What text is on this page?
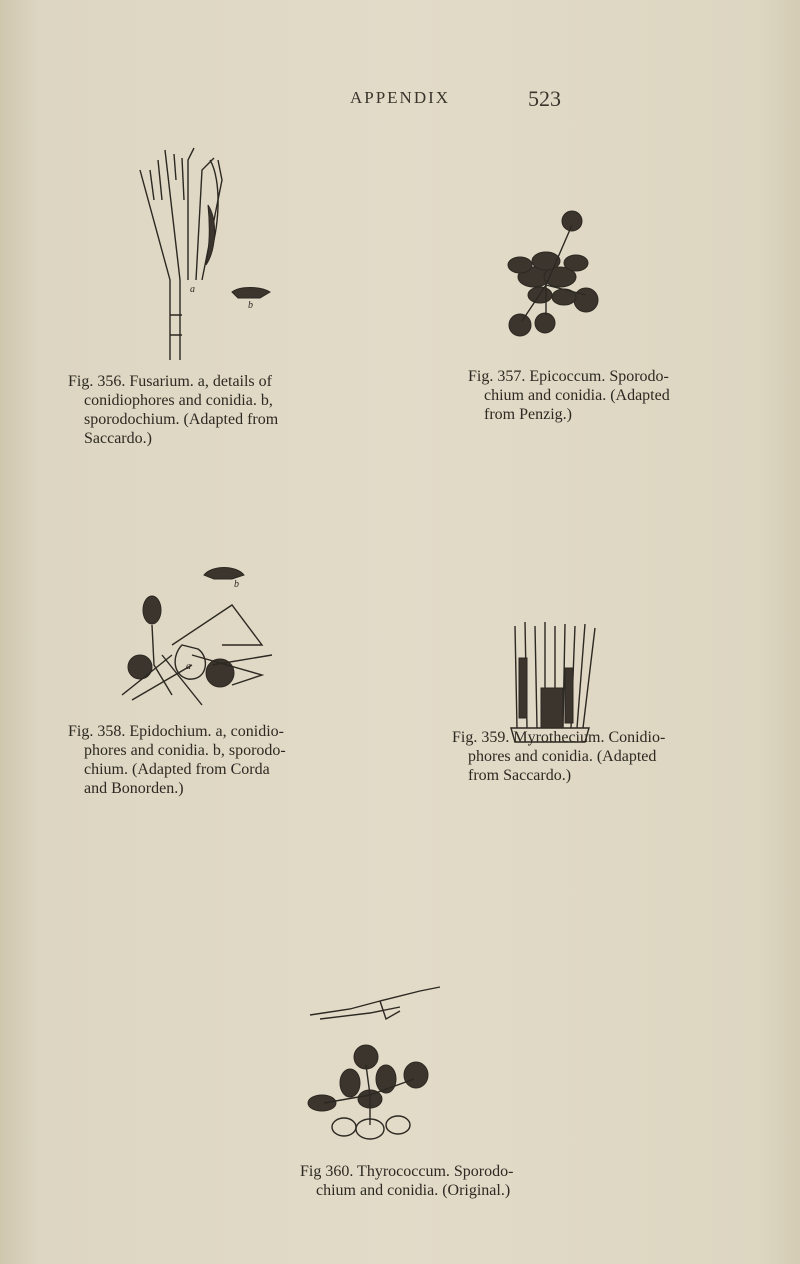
APPENDIX	523
a
b
Fig. 356. Fusarium. a, details of
conidiophores and conidia. b,
sporodochium. (Adapted from
Saccardo.)
Fig. 357. Epicoccum. Sporodo-
chium and conidia. (Adapted
from Penzig.)
b
a
Fig. 358. Epidochium. a, conidio-
phores and conidia. b, sporodo-
chium. (Adapted from Corda
and Bonorden.)
Fig. 359. Myrothecium. Conidio-
phores and conidia. (Adapted
from Saccardo.)
Fig 360. Thyrococcum. Sporodo-
chium and conidia. (Original.)
